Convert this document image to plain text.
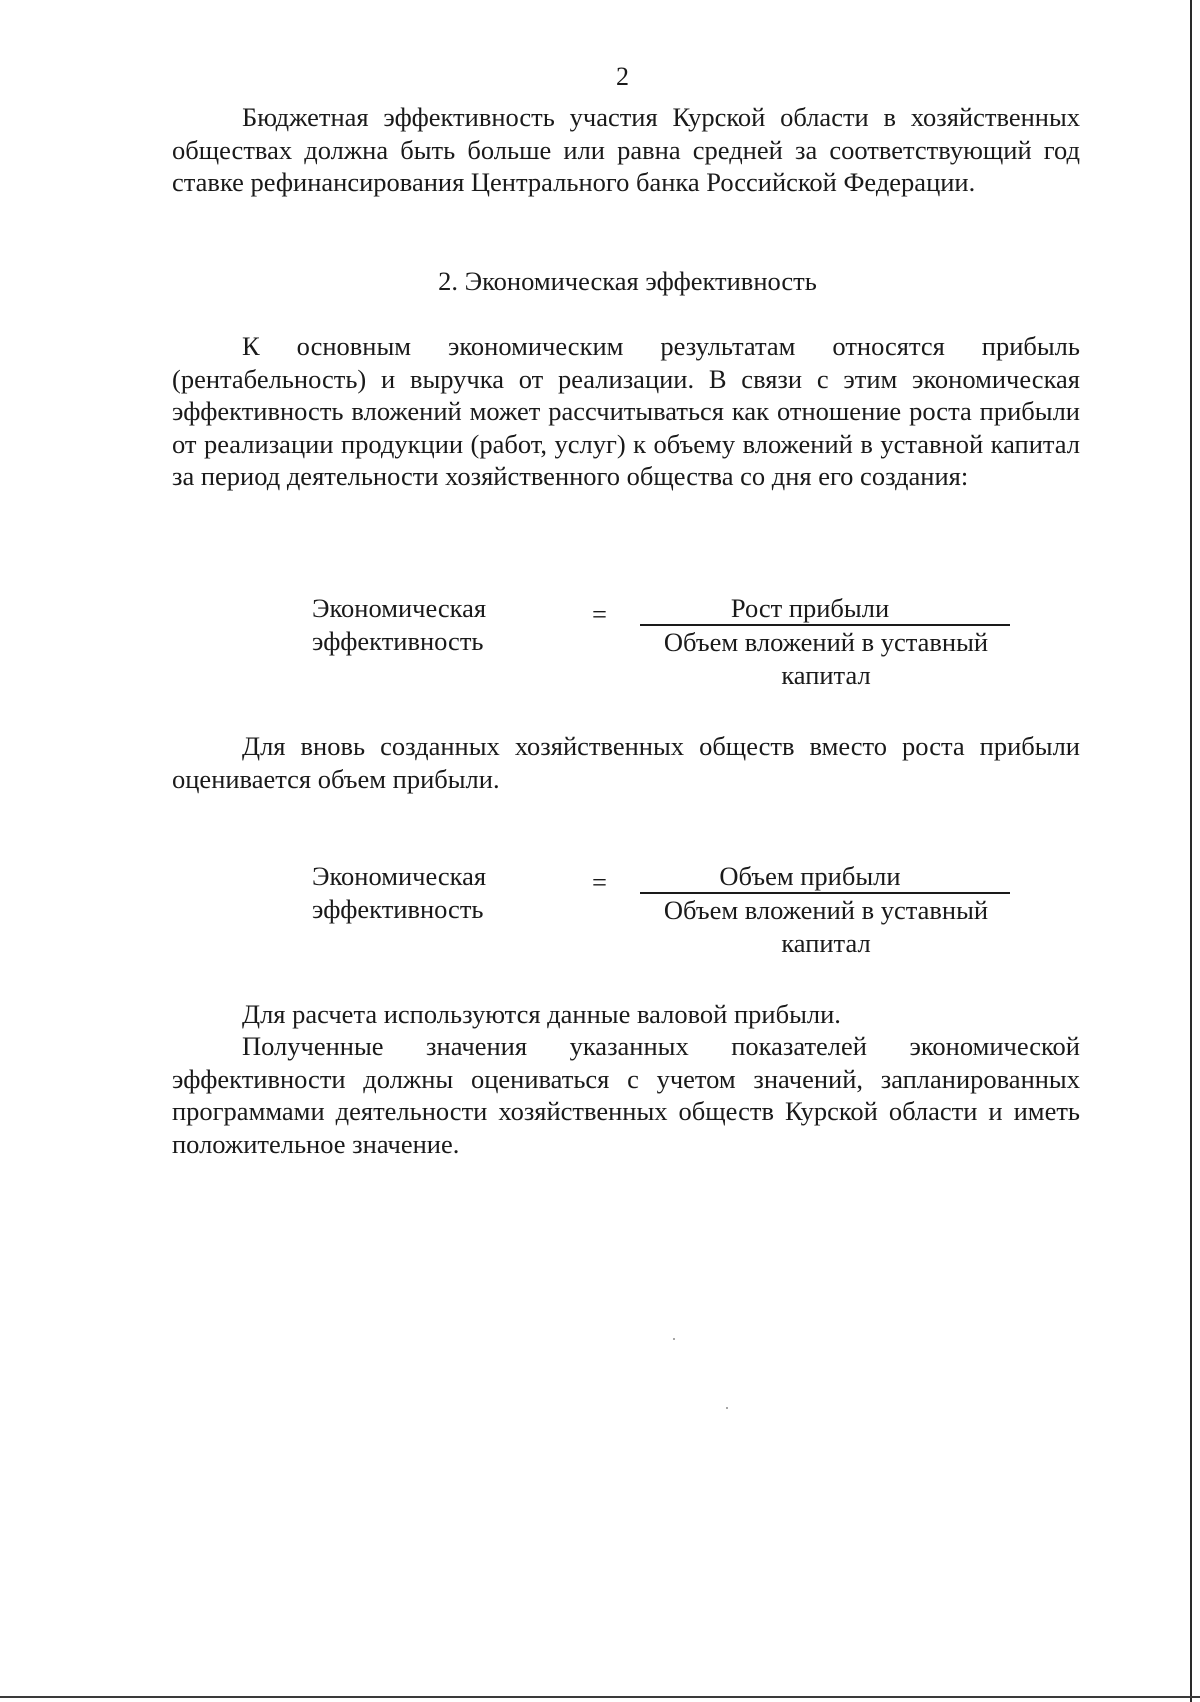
2
Бюджетная эффективность участия Курской области в хозяйственных обществах должна быть больше или равна средней за соответствующий год ставке рефинансирования Центрального банка Российской Федерации.
2. Экономическая эффективность
К основным экономическим результатам относятся прибыль (рентабельность) и выручка от реализации. В связи с этим экономическая эффективность вложений может рассчитываться как отношение роста прибыли от реализации продукции (работ, услуг) к объему вложений в уставной капитал за период деятельности хозяйственного общества со дня его создания:
Экономическая
эффективность
=	Рост прибыли
Объем вложений в уставный
капитал
Для вновь созданных хозяйственных обществ вместо роста прибыли оценивается объем прибыли.
Экономическая
эффективность
=	Объем прибыли
Объем вложений в уставный
капитал
Для расчета используются данные валовой прибыли.
Полученные значения указанных показателей экономической эффективности должны оцениваться с учетом значений, запланированных программами деятельности хозяйственных обществ Курской области и иметь положительное значение.
